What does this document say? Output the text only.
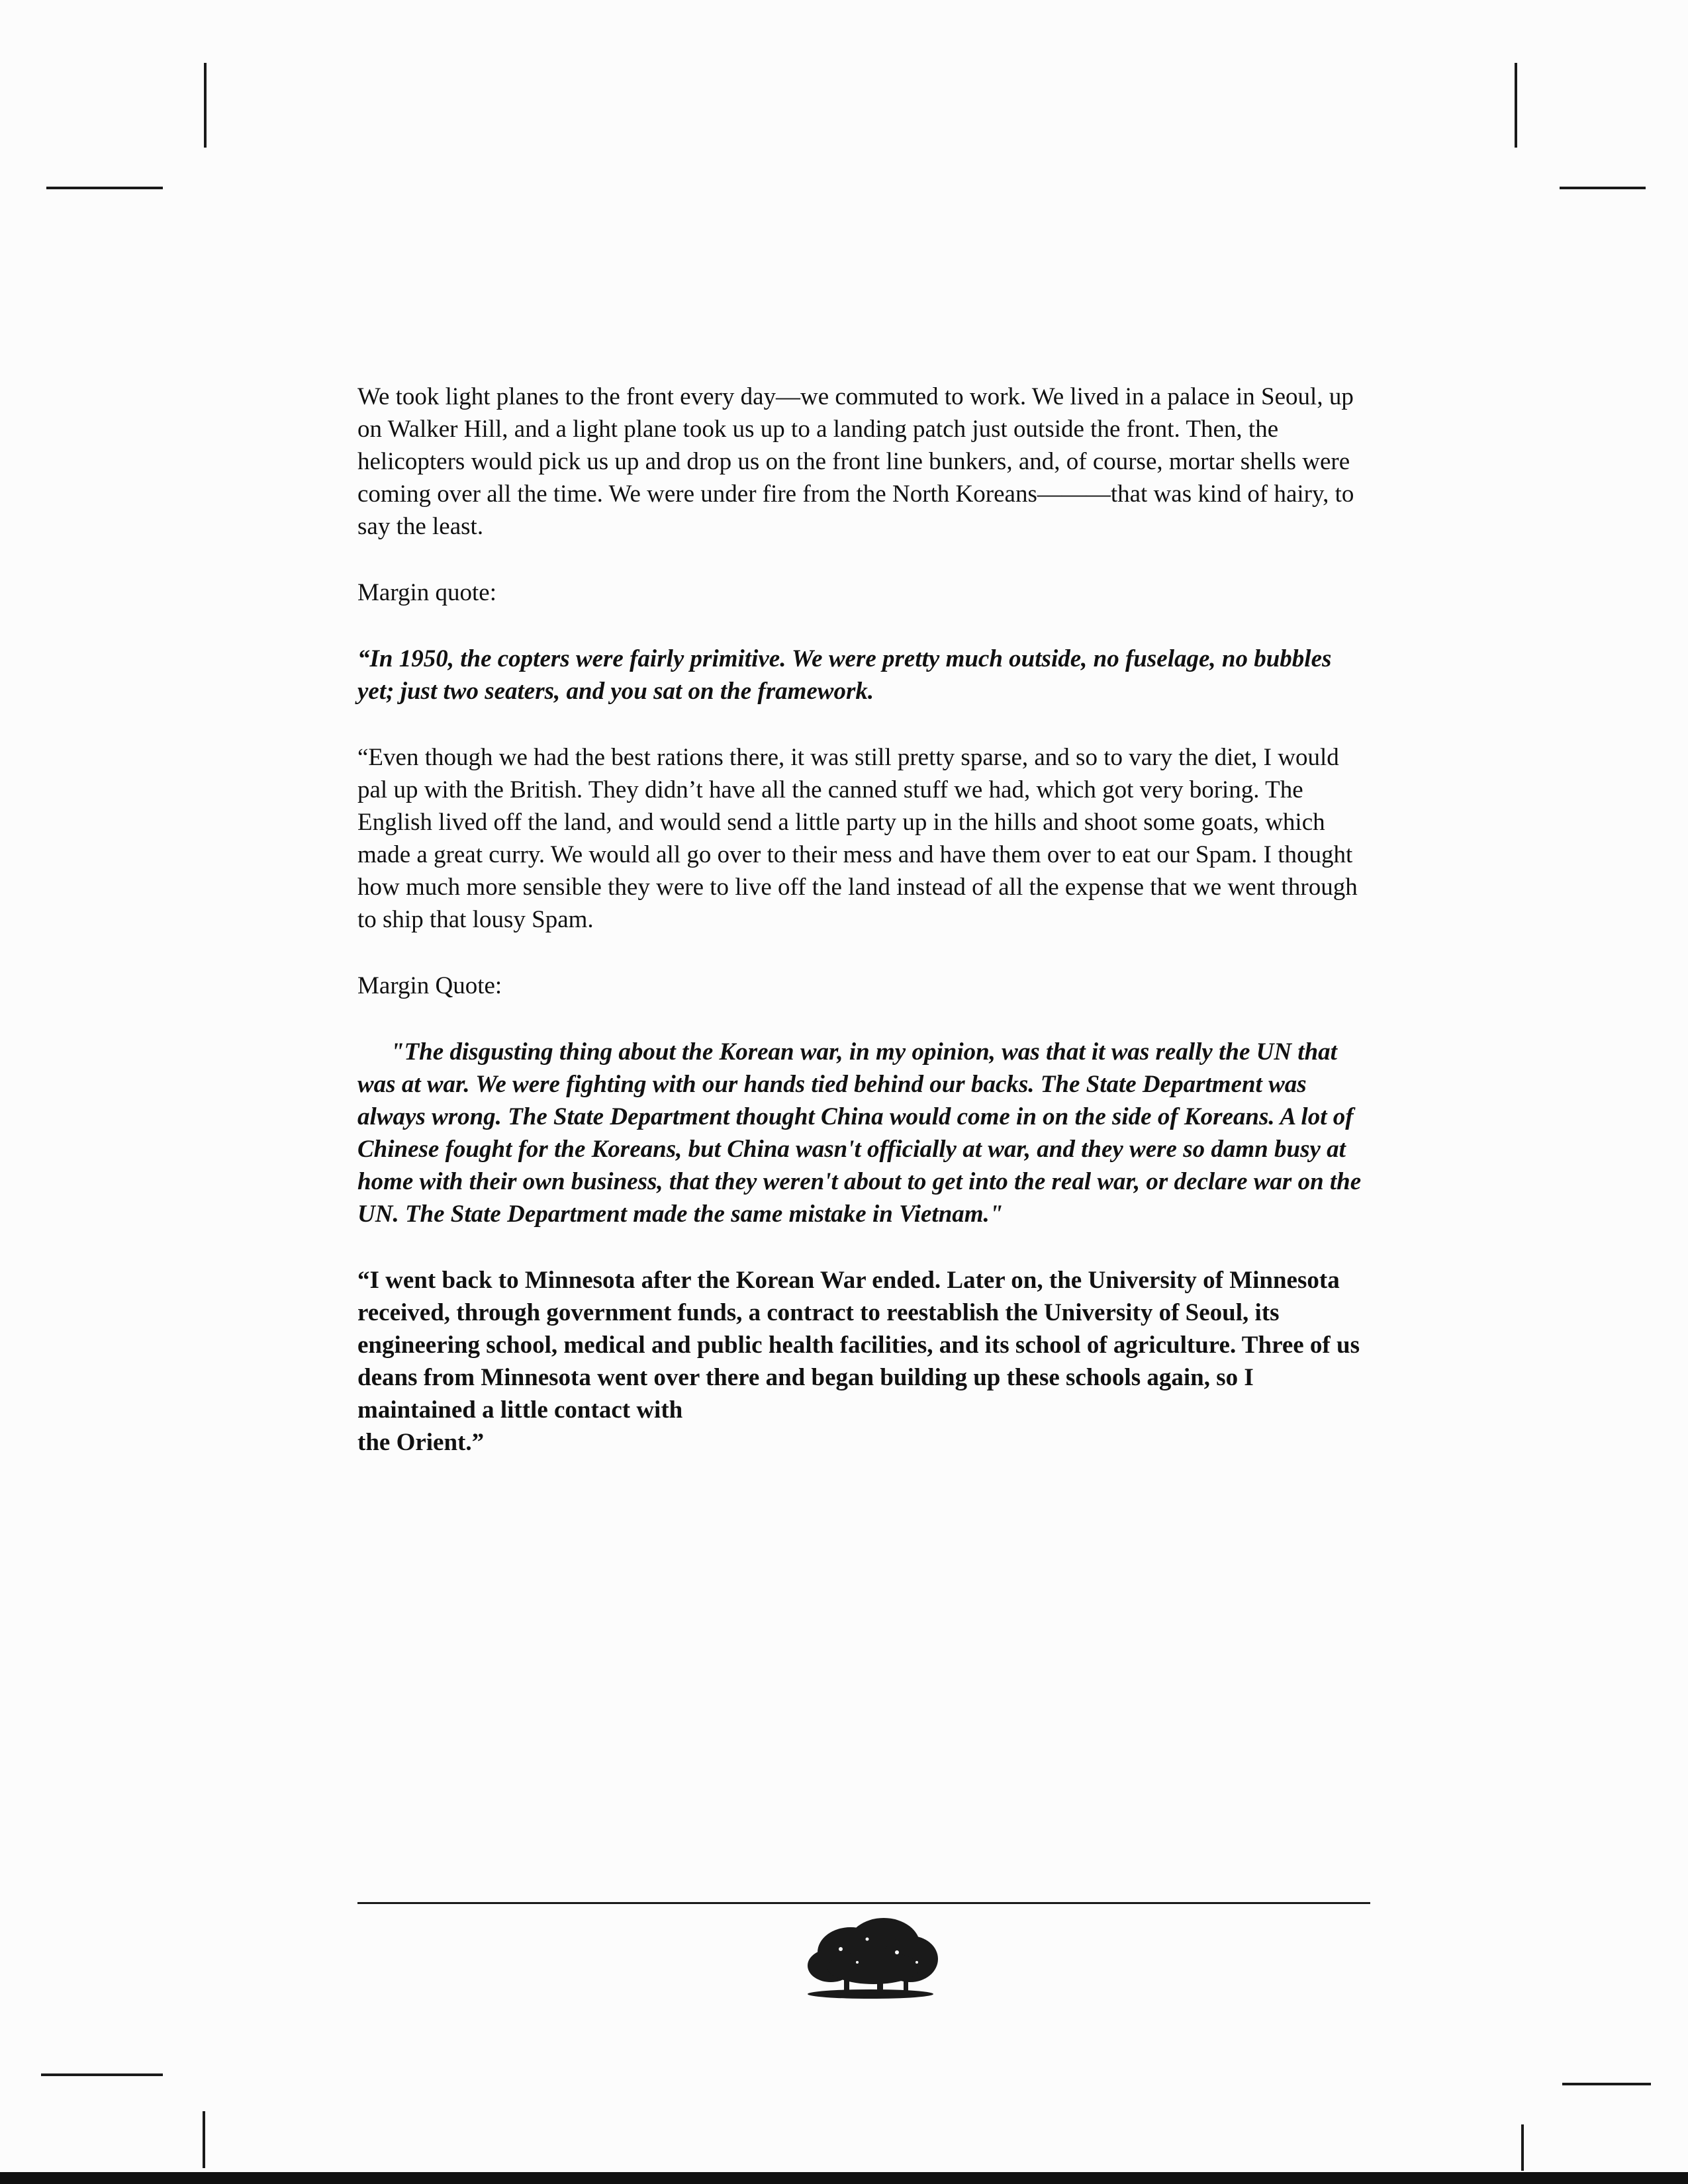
We took light planes to the front every day—we commuted to work. We lived in a palace in Seoul, up on Walker Hill, and a light plane took us up to a landing patch just outside the front. Then, the helicopters would pick us up and drop us on the front line bunkers, and, of course, mortar shells were coming over all the time. We were under fire from the North Koreans———that was kind of hairy, to say the least.

Margin quote:

“In 1950, the copters were fairly primitive. We were pretty much outside, no fuselage, no bubbles yet; just two seaters, and you sat on the framework.

“Even though we had the best rations there, it was still pretty sparse, and so to vary the diet, I would pal up with the British. They didn’t have all the canned stuff we had, which got very boring. The English lived off the land, and would send a little party up in the hills and shoot some goats, which made a great curry. We would all go over to their mess and have them over to eat our Spam. I thought how much more sensible they were to live off the land instead of all the expense that we went through to ship that lousy Spam.

Margin Quote:

"The disgusting thing about the Korean war, in my opinion, was that it was really the UN that was at war. We were fighting with our hands tied behind our backs. The State Department was always wrong. The State Department thought China would come in on the side of Koreans. A lot of Chinese fought for the Koreans, but China wasn't officially at war, and they were so damn busy at home with their own business, that they weren't about to get into the real war, or declare war on the UN. The State Department made the same mistake in Vietnam."

“I went back to Minnesota after the Korean War ended. Later on, the University of Minnesota received, through government funds, a contract to reestablish the University of Seoul, its engineering school, medical and public health facilities, and its school of agriculture. Three of us deans from Minnesota went over there and began building up these schools again, so I maintained a little contact with
the Orient.”
